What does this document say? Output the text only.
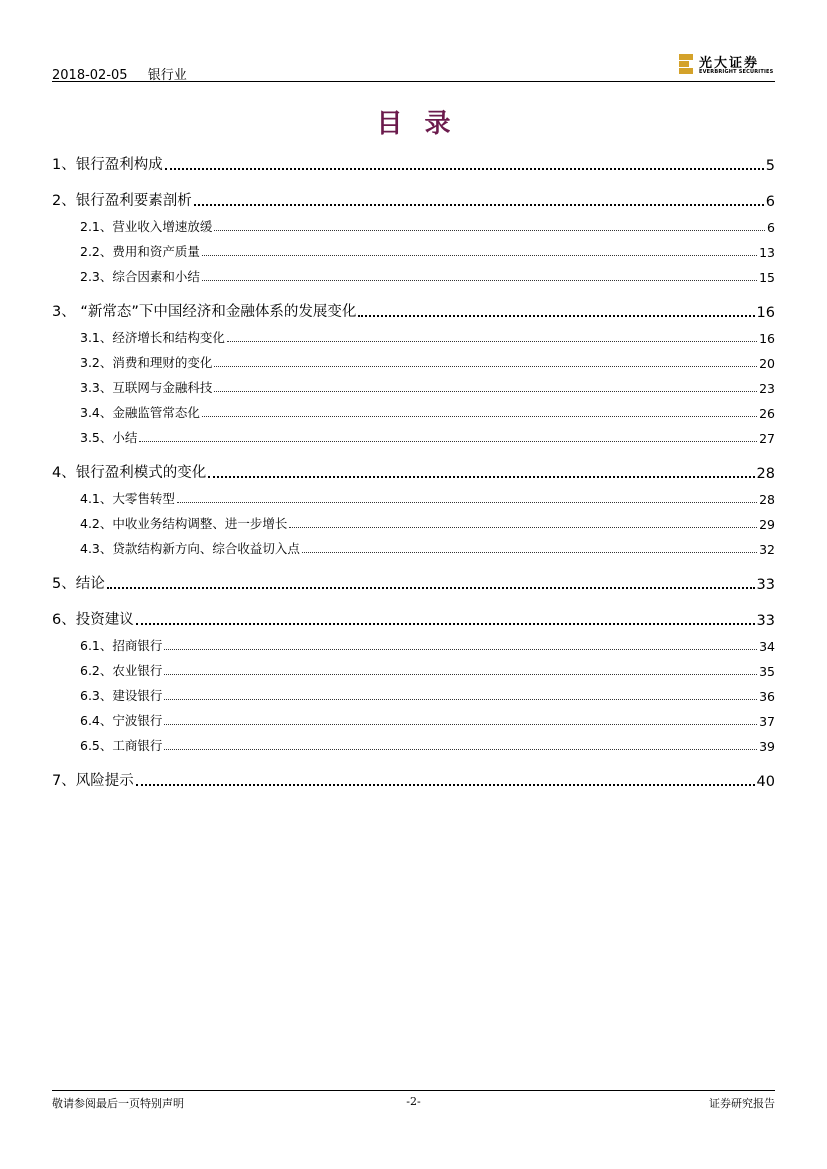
2018-02-05 银行业
光大证券
EVERBRIGHT SECURITIES
目录
1、银行盈利构成	5
2、银行盈利要素剖析	6
2.1、营业收入增速放缓	6
2.2、费用和资产质量	13
2.3、综合因素和小结	15
3、 “新常态”下中国经济和金融体系的发展变化	16
3.1、经济增长和结构变化	16
3.2、消费和理财的变化	20
3.3、互联网与金融科技	23
3.4、金融监管常态化	26
3.5、小结	27
4、银行盈利模式的变化	28
4.1、大零售转型	28
4.2、中收业务结构调整、进一步增长	29
4.3、贷款结构新方向、综合收益切入点	32
5、结论	33
6、投资建议	33
6.1、招商银行	34
6.2、农业银行	35
6.3、建设银行	36
6.4、宁波银行	37
6.5、工商银行	39
7、风险提示	40
敬请参阅最后一页特别声明	-2-	证券研究报告
